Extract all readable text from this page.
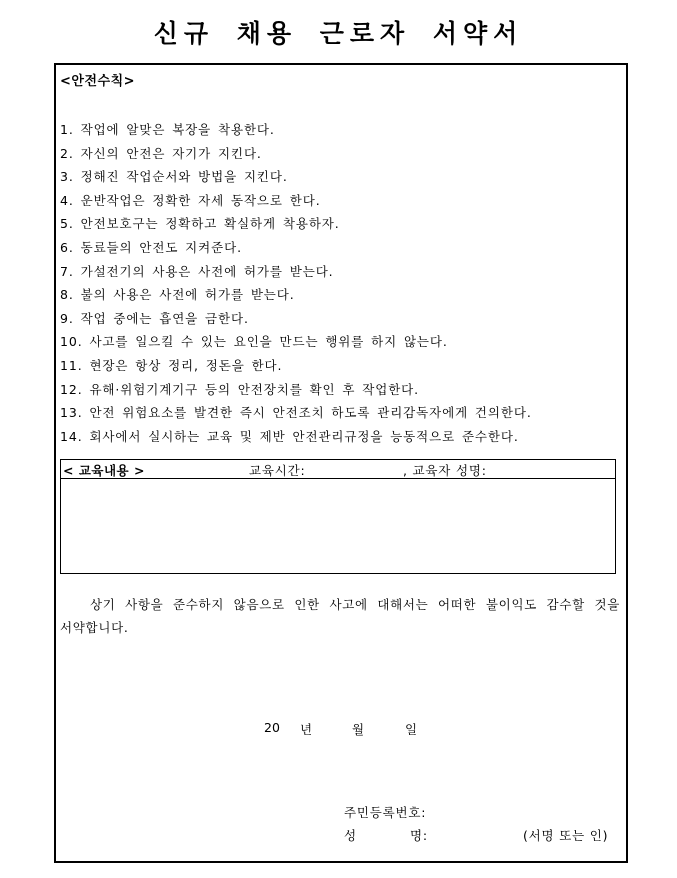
신규 채용 근로자 서약서
<안전수칙>
1. 작업에 알맞은 복장을 착용한다.
2. 자신의 안전은 자기가 지킨다.
3. 정해진 작업순서와 방법을 지킨다.
4. 운반작업은 정확한 자세 동작으로 한다.
5. 안전보호구는 정확하고 확실하게 착용하자.
6. 동료들의 안전도 지켜준다.
7. 가설전기의 사용은 사전에 허가를 받는다.
8. 불의 사용은 사전에 허가를 받는다.
9. 작업 중에는 흡연을 금한다.
10. 사고를 일으킬 수 있는 요인을 만드는 행위를 하지 않는다.
11. 현장은 항상 정리, 정돈을 한다.
12. 유해·위험기계기구 등의 안전장치를 확인 후 작업한다.
13. 안전 위험요소를 발견한 즉시 안전조치 하도록 관리감독자에게 건의한다.
14. 회사에서 실시하는 교육 및 제반 안전관리규정을 능동적으로 준수한다.
< 교육내용 >	교육시간:	, 교육자 성명:
상기 사항을 준수하지 않음으로 인한 사고에 대해서는 어떠한 불이익도 감수할 것을 서약합니다.
20 년	월	일
주민등록번호:
성	명:	(서명 또는 인)
